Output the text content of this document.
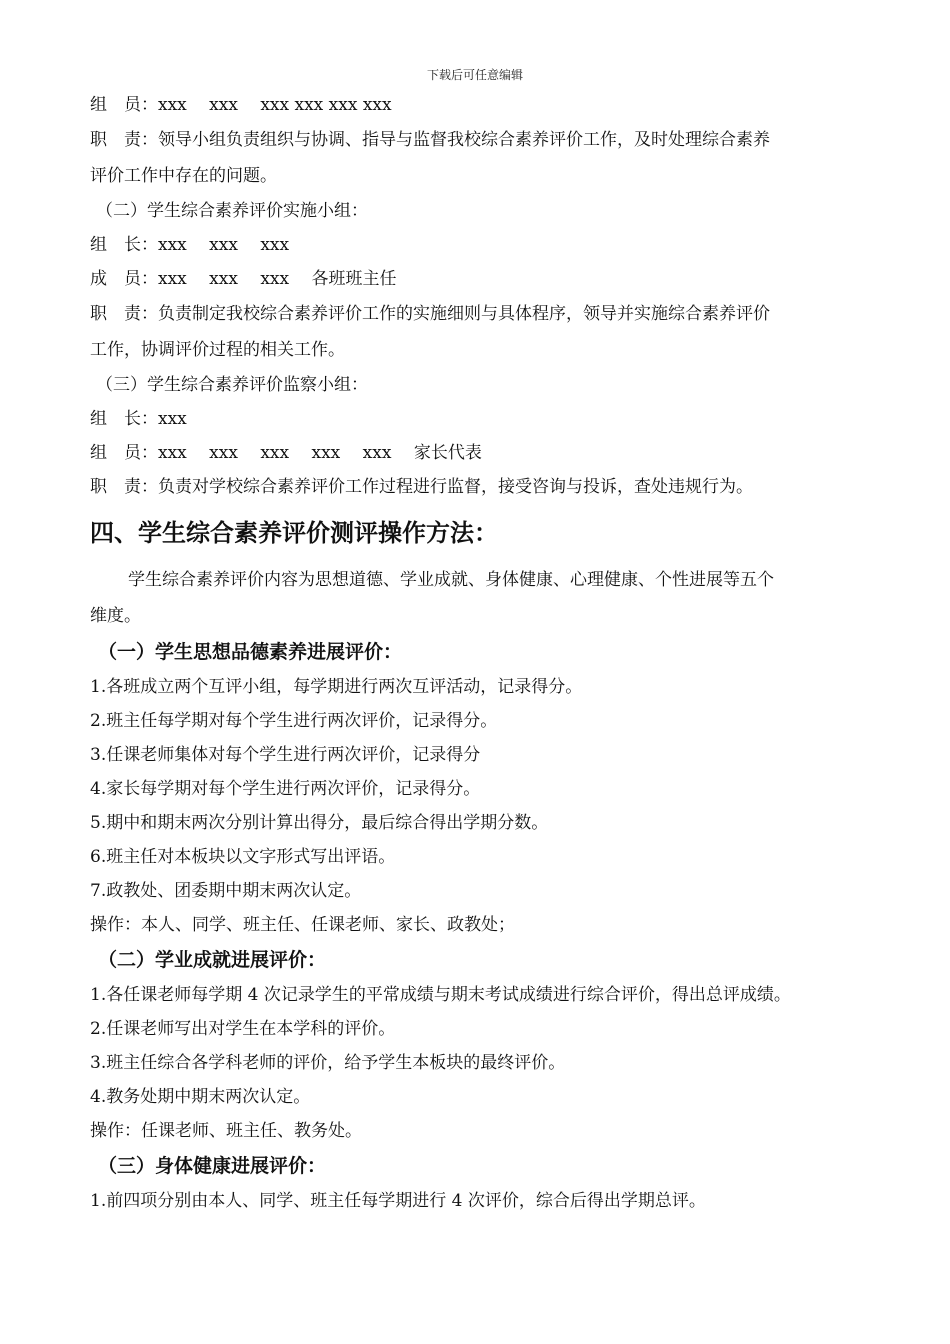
下载后可任意编辑
组　员：xxx　 xxx　 xxx xxx xxx xxx
职　责：领导小组负责组织与协调、指导与监督我校综合素养评价工作，及时处理综合素养
评价工作中存在的问题。
（二）学生综合素养评价实施小组：
组　长：xxx　 xxx　 xxx
成　员：xxx　 xxx　 xxx　 各班班主任
职　责：负责制定我校综合素养评价工作的实施细则与具体程序，领导并实施综合素养评价
工作，协调评价过程的相关工作。
（三）学生综合素养评价监察小组：
组　长：xxx
组　员：xxx　 xxx　 xxx　 xxx　 xxx　 家长代表
职　责：负责对学校综合素养评价工作过程进行监督，接受咨询与投诉，查处违规行为。
四、学生综合素养评价测评操作方法：
学生综合素养评价内容为思想道德、学业成就、身体健康、心理健康、个性进展等五个
维度。
（一）学生思想品德素养进展评价：
1.各班成立两个互评小组，每学期进行两次互评活动，记录得分。
2.班主任每学期对每个学生进行两次评价，记录得分。
3.任课老师集体对每个学生进行两次评价，记录得分
4.家长每学期对每个学生进行两次评价，记录得分。
5.期中和期末两次分别计算出得分，最后综合得出学期分数。
6.班主任对本板块以文字形式写出评语。
7.政教处、团委期中期末两次认定。
操作：本人、同学、班主任、任课老师、家长、政教处；
（二）学业成就进展评价：
1.各任课老师每学期 4 次记录学生的平常成绩与期末考试成绩进行综合评价，得出总评成绩。
2.任课老师写出对学生在本学科的评价。
3.班主任综合各学科老师的评价，给予学生本板块的最终评价。
4.教务处期中期末两次认定。
操作：任课老师、班主任、教务处。
（三）身体健康进展评价：
1.前四项分别由本人、同学、班主任每学期进行 4 次评价，综合后得出学期总评。
